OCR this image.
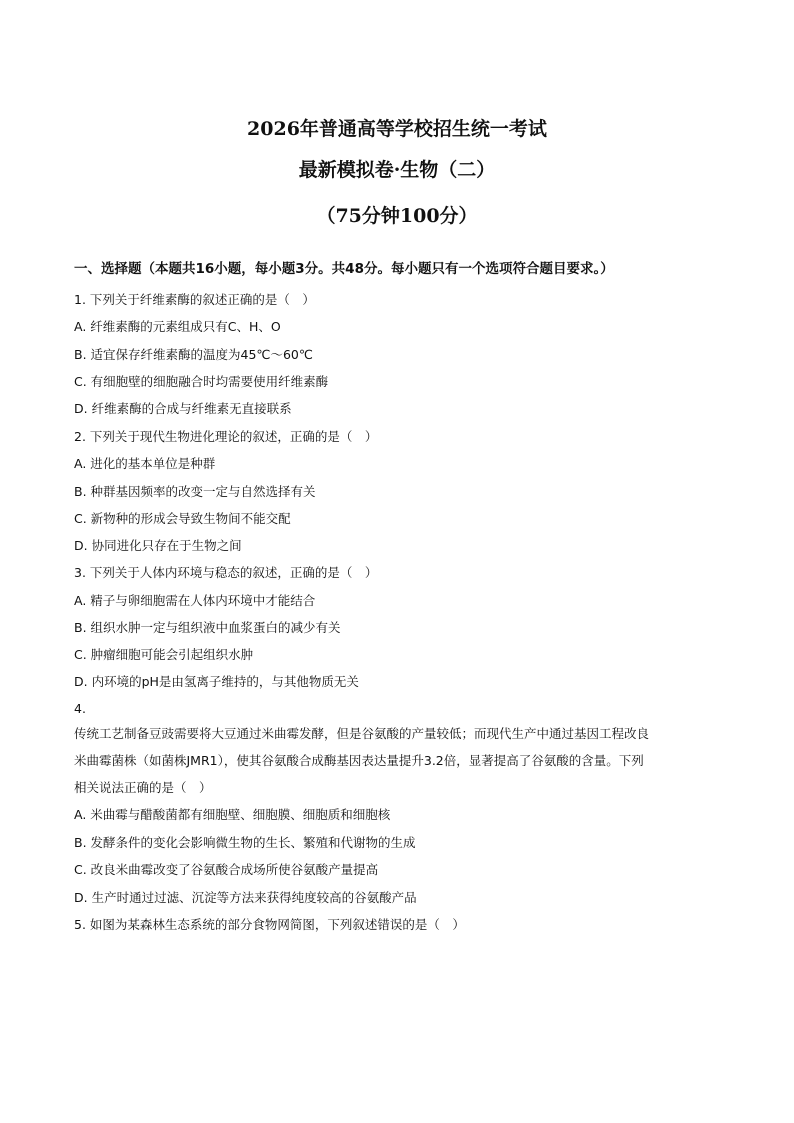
2026年普通高等学校招生统一考试
最新模拟卷·生物（二）
（75分钟100分）
一、选择题（本题共16小题，每小题3分。共48分。每小题只有一个选项符合题目要求。）
1. 下列关于纤维素酶的叙述正确的是（　）
A. 纤维素酶的元素组成只有C、H、O
B. 适宜保存纤维素酶的温度为45℃～60℃
C. 有细胞壁的细胞融合时均需要使用纤维素酶
D. 纤维素酶的合成与纤维素无直接联系
2. 下列关于现代生物进化理论的叙述，正确的是（　）
A. 进化的基本单位是种群
B. 种群基因频率的改变一定与自然选择有关
C. 新物种的形成会导致生物间不能交配
D. 协同进化只存在于生物之间
3. 下列关于人体内环境与稳态的叙述，正确的是（　）
A. 精子与卵细胞需在人体内环境中才能结合
B. 组织水肿一定与组织液中血浆蛋白的减少有关
C. 肿瘤细胞可能会引起组织水肿
D. 内环境的pH是由氢离子维持的，与其他物质无关
4.
传统工艺制备豆豉需要将大豆通过米曲霉发酵，但是谷氨酸的产量较低；而现代生产中通过基因工程改良
米曲霉菌株（如菌株JMR1），使其谷氨酸合成酶基因表达量提升3.2倍，显著提高了谷氨酸的含量。下列
相关说法正确的是（　）
A. 米曲霉与醋酸菌都有细胞壁、细胞膜、细胞质和细胞核
B. 发酵条件的变化会影响微生物的生长、繁殖和代谢物的生成
C. 改良米曲霉改变了谷氨酸合成场所使谷氨酸产量提高
D. 生产时通过过滤、沉淀等方法来获得纯度较高的谷氨酸产品
5. 如图为某森林生态系统的部分食物网简图，下列叙述错误的是（　）
